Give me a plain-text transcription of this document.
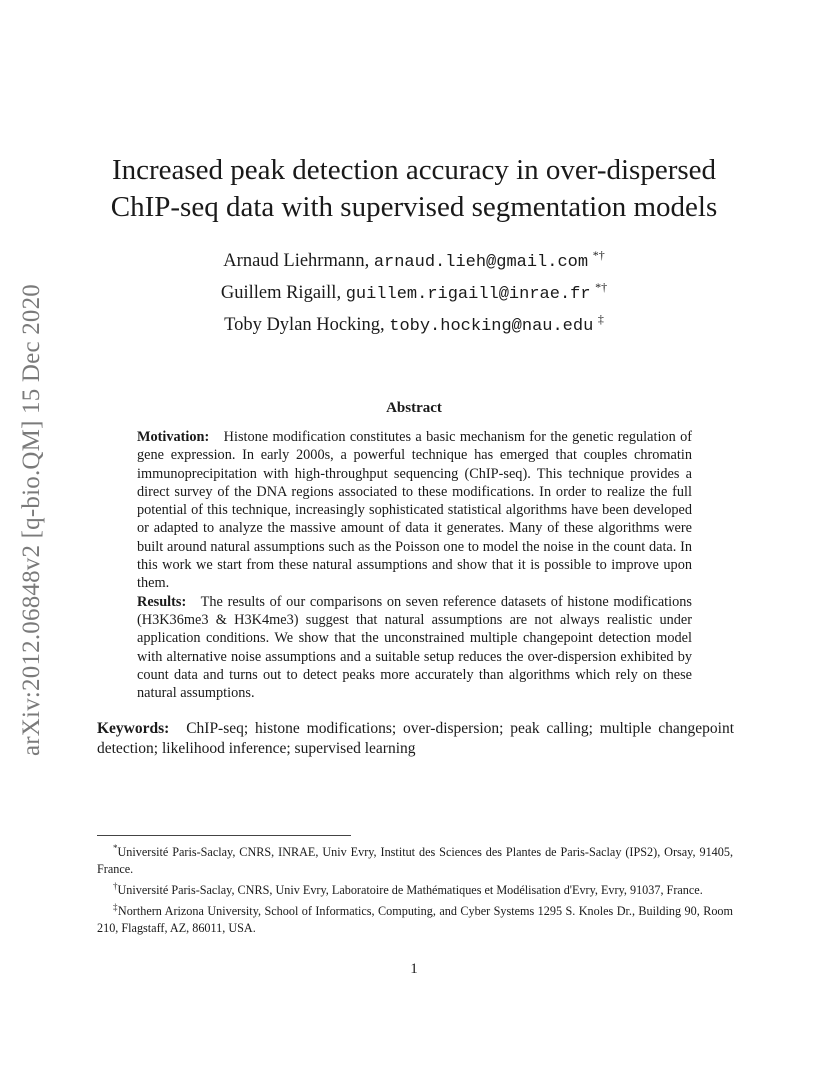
arXiv:2012.06848v2 [q-bio.QM] 15 Dec 2020
Increased peak detection accuracy in over-dispersed
ChIP-seq data with supervised segmentation models
Arnaud Liehrmann, arnaud.lieh@gmail.com *†
Guillem Rigaill, guillem.rigaill@inrae.fr *†
Toby Dylan Hocking, toby.hocking@nau.edu ‡
Abstract

Motivation: Histone modification constitutes a basic mechanism for the genetic regulation of gene expression. In early 2000s, a powerful technique has emerged that couples chromatin immunoprecipitation with high-throughput sequencing (ChIP-seq). This technique provides a direct survey of the DNA regions associated to these modifications. In order to realize the full potential of this technique, increasingly sophisticated statistical algorithms have been developed or adapted to analyze the massive amount of data it generates. Many of these algorithms were built around natural assumptions such as the Poisson one to model the noise in the count data. In this work we start from these natural assumptions and show that it is possible to improve upon them.

Results: The results of our comparisons on seven reference datasets of histone modifications (H3K36me3 & H3K4me3) suggest that natural assumptions are not always realistic under application conditions. We show that the unconstrained multiple changepoint detection model with alternative noise assumptions and a suitable setup reduces the over-dispersion exhibited by count data and turns out to detect peaks more accurately than algorithms which rely on these natural assumptions.

Keywords: ChIP-seq; histone modifications; over-dispersion; peak calling; multiple changepoint detection; likelihood inference; supervised learning

*Université Paris-Saclay, CNRS, INRAE, Univ Evry, Institut des Sciences des Plantes de Paris-Saclay (IPS2), Orsay, 91405, France.

†Université Paris-Saclay, CNRS, Univ Evry, Laboratoire de Mathématiques et Modélisation d'Evry, Evry, 91037, France.

‡Northern Arizona University, School of Informatics, Computing, and Cyber Systems 1295 S. Knoles Dr., Building 90, Room 210, Flagstaff, AZ, 86011, USA.

1
